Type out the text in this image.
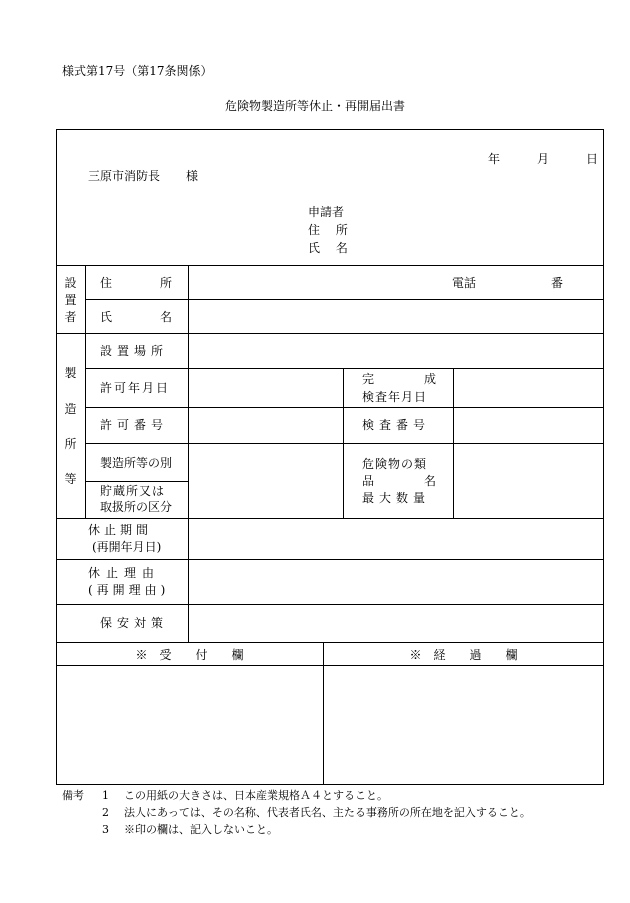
様式第17号（第17条関係）
危険物製造所等休止・再開届出書
年	月	日
三原市消防長 様
申請者
住 所
氏 名
設
置
者
住	所	電話	番
氏	名
製
造
所
等
設置場所
許可年月日
完	成
検査年月日
許可番号	検査番号
製造所等の別
貯蔵所又は
取扱所の区分
危険物の類
品	名
最大数量
休止期間
(再開年月日)
休止理由
(再開理由)
保安対策
※　受　　付　　欄	※　経　　過　　欄
備考	1	この用紙の大きさは、日本産業規格Ａ４とすること。
2	法人にあっては、その名称、代表者氏名、主たる事務所の所在地を記入すること。
3	※印の欄は、記入しないこと。
